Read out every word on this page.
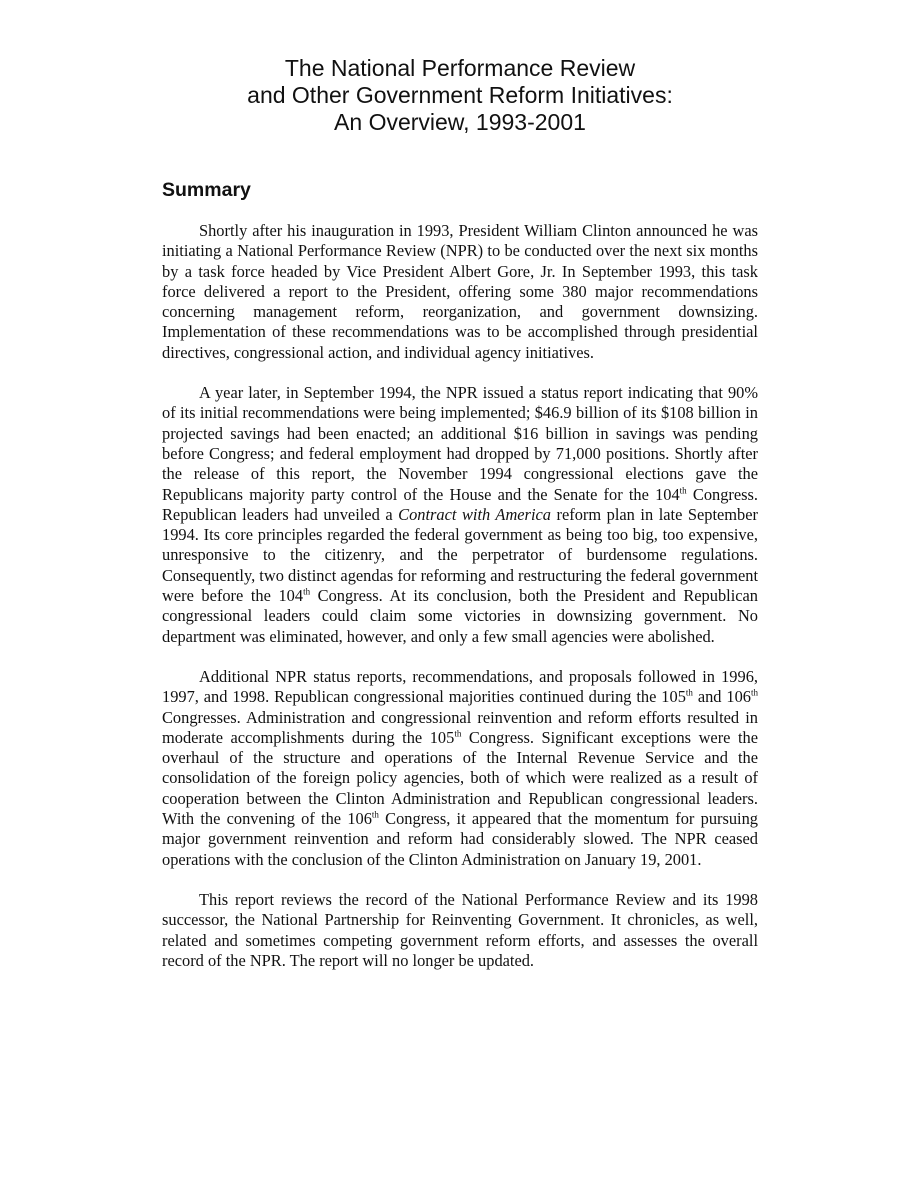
The National Performance Review
and Other Government Reform Initiatives:
An Overview, 1993-2001
Summary

Shortly after his inauguration in 1993, President William Clinton announced he was initiating a National Performance Review (NPR) to be conducted over the next six months by a task force headed by Vice President Albert Gore, Jr. In September 1993, this task force delivered a report to the President, offering some 380 major recommendations concerning management reform, reorganization, and government downsizing. Implementation of these recommendations was to be accomplished through presidential directives, congressional action, and individual agency initiatives.

A year later, in September 1994, the NPR issued a status report indicating that 90% of its initial recommendations were being implemented; $46.9 billion of its $108 billion in projected savings had been enacted; an additional $16 billion in savings was pending before Congress; and federal employment had dropped by 71,000 positions. Shortly after the release of this report, the November 1994 congressional elections gave the Republicans majority party control of the House and the Senate for the 104th Congress. Republican leaders had unveiled a Contract with America reform plan in late September 1994. Its core principles regarded the federal government as being too big, too expensive, unresponsive to the citizenry, and the perpetrator of burdensome regulations. Consequently, two distinct agendas for reforming and restructuring the federal government were before the 104th Congress. At its conclusion, both the President and Republican congressional leaders could claim some victories in downsizing government. No department was eliminated, however, and only a few small agencies were abolished.

Additional NPR status reports, recommendations, and proposals followed in 1996, 1997, and 1998. Republican congressional majorities continued during the 105th and 106th Congresses. Administration and congressional reinvention and reform efforts resulted in moderate accomplishments during the 105th Congress. Significant exceptions were the overhaul of the structure and operations of the Internal Revenue Service and the consolidation of the foreign policy agencies, both of which were realized as a result of cooperation between the Clinton Administration and Republican congressional leaders. With the convening of the 106th Congress, it appeared that the momentum for pursuing major government reinvention and reform had considerably slowed. The NPR ceased operations with the conclusion of the Clinton Administration on January 19, 2001.

This report reviews the record of the National Performance Review and its 1998 successor, the National Partnership for Reinventing Government. It chronicles, as well, related and sometimes competing government reform efforts, and assesses the overall record of the NPR. The report will no longer be updated.
